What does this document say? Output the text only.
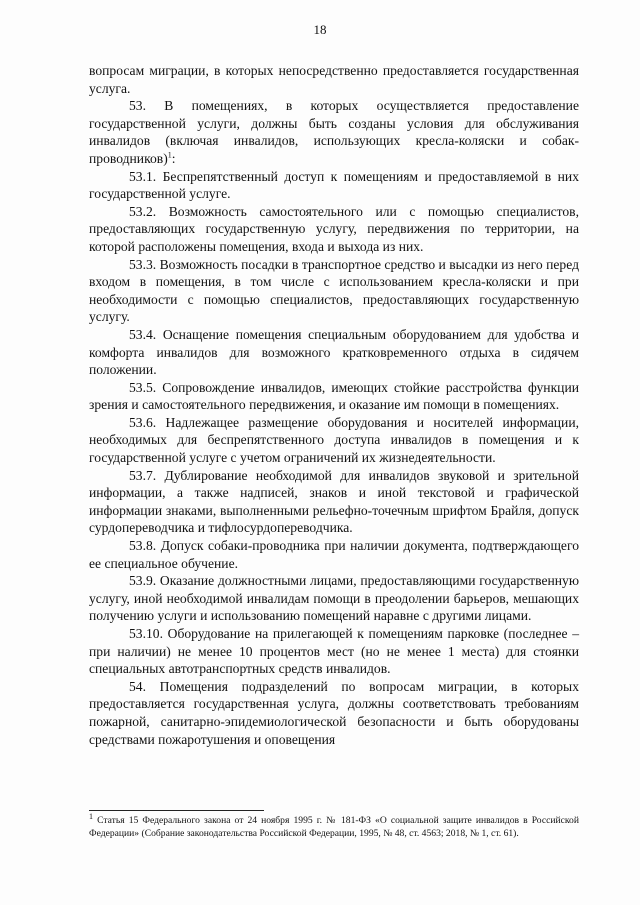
18

вопросам миграции, в которых непосредственно предоставляется государственная услуга.

53. В помещениях, в которых осуществляется предоставление государственной услуги, должны быть созданы условия для обслуживания инвалидов (включая инвалидов, использующих кресла-коляски и собак-проводников)$^1$:

53.1. Беспрепятственный доступ к помещениям и предоставляемой в них государственной услуге.

53.2. Возможность самостоятельного или с помощью специалистов, предоставляющих государственную услугу, передвижения по территории, на которой расположены помещения, входа и выхода из них.

53.3. Возможность посадки в транспортное средство и высадки из него перед входом в помещения, в том числе с использованием кресла-коляски и при необходимости с помощью специалистов, предоставляющих государственную услугу.

53.4. Оснащение помещения специальным оборудованием для удобства и комфорта инвалидов для возможного кратковременного отдыха в сидячем положении.

53.5. Сопровождение инвалидов, имеющих стойкие расстройства функции зрения и самостоятельного передвижения, и оказание им помощи в помещениях.

53.6. Надлежащее размещение оборудования и носителей информации, необходимых для беспрепятственного доступа инвалидов в помещения и к государственной услуге с учетом ограничений их жизнедеятельности.

53.7. Дублирование необходимой для инвалидов звуковой и зрительной информации, а также надписей, знаков и иной текстовой и графической информации знаками, выполненными рельефно-точечным шрифтом Брайля, допуск сурдопереводчика и тифлосурдопереводчика.

53.8. Допуск собаки-проводника при наличии документа, подтверждающего ее специальное обучение.

53.9. Оказание должностными лицами, предоставляющими государственную услугу, иной необходимой инвалидам помощи в преодолении барьеров, мешающих получению услуги и использованию помещений наравне с другими лицами.

53.10. Оборудование на прилегающей к помещениям парковке (последнее – при наличии) не менее 10 процентов мест (но не менее 1 места) для стоянки специальных автотранспортных средств инвалидов.

54. Помещения подразделений по вопросам миграции, в которых предоставляется государственная услуга, должны соответствовать требованиям пожарной, санитарно-эпидемиологической безопасности и быть оборудованы средствами пожаротушения и оповещения

$^1$ Статья 15 Федерального закона от 24 ноября 1995 г. № 181-ФЗ «О социальной защите инвалидов в Российской Федерации» (Собрание законодательства Российской Федерации, 1995, № 48, ст. 4563; 2018, № 1, ст. 61).
